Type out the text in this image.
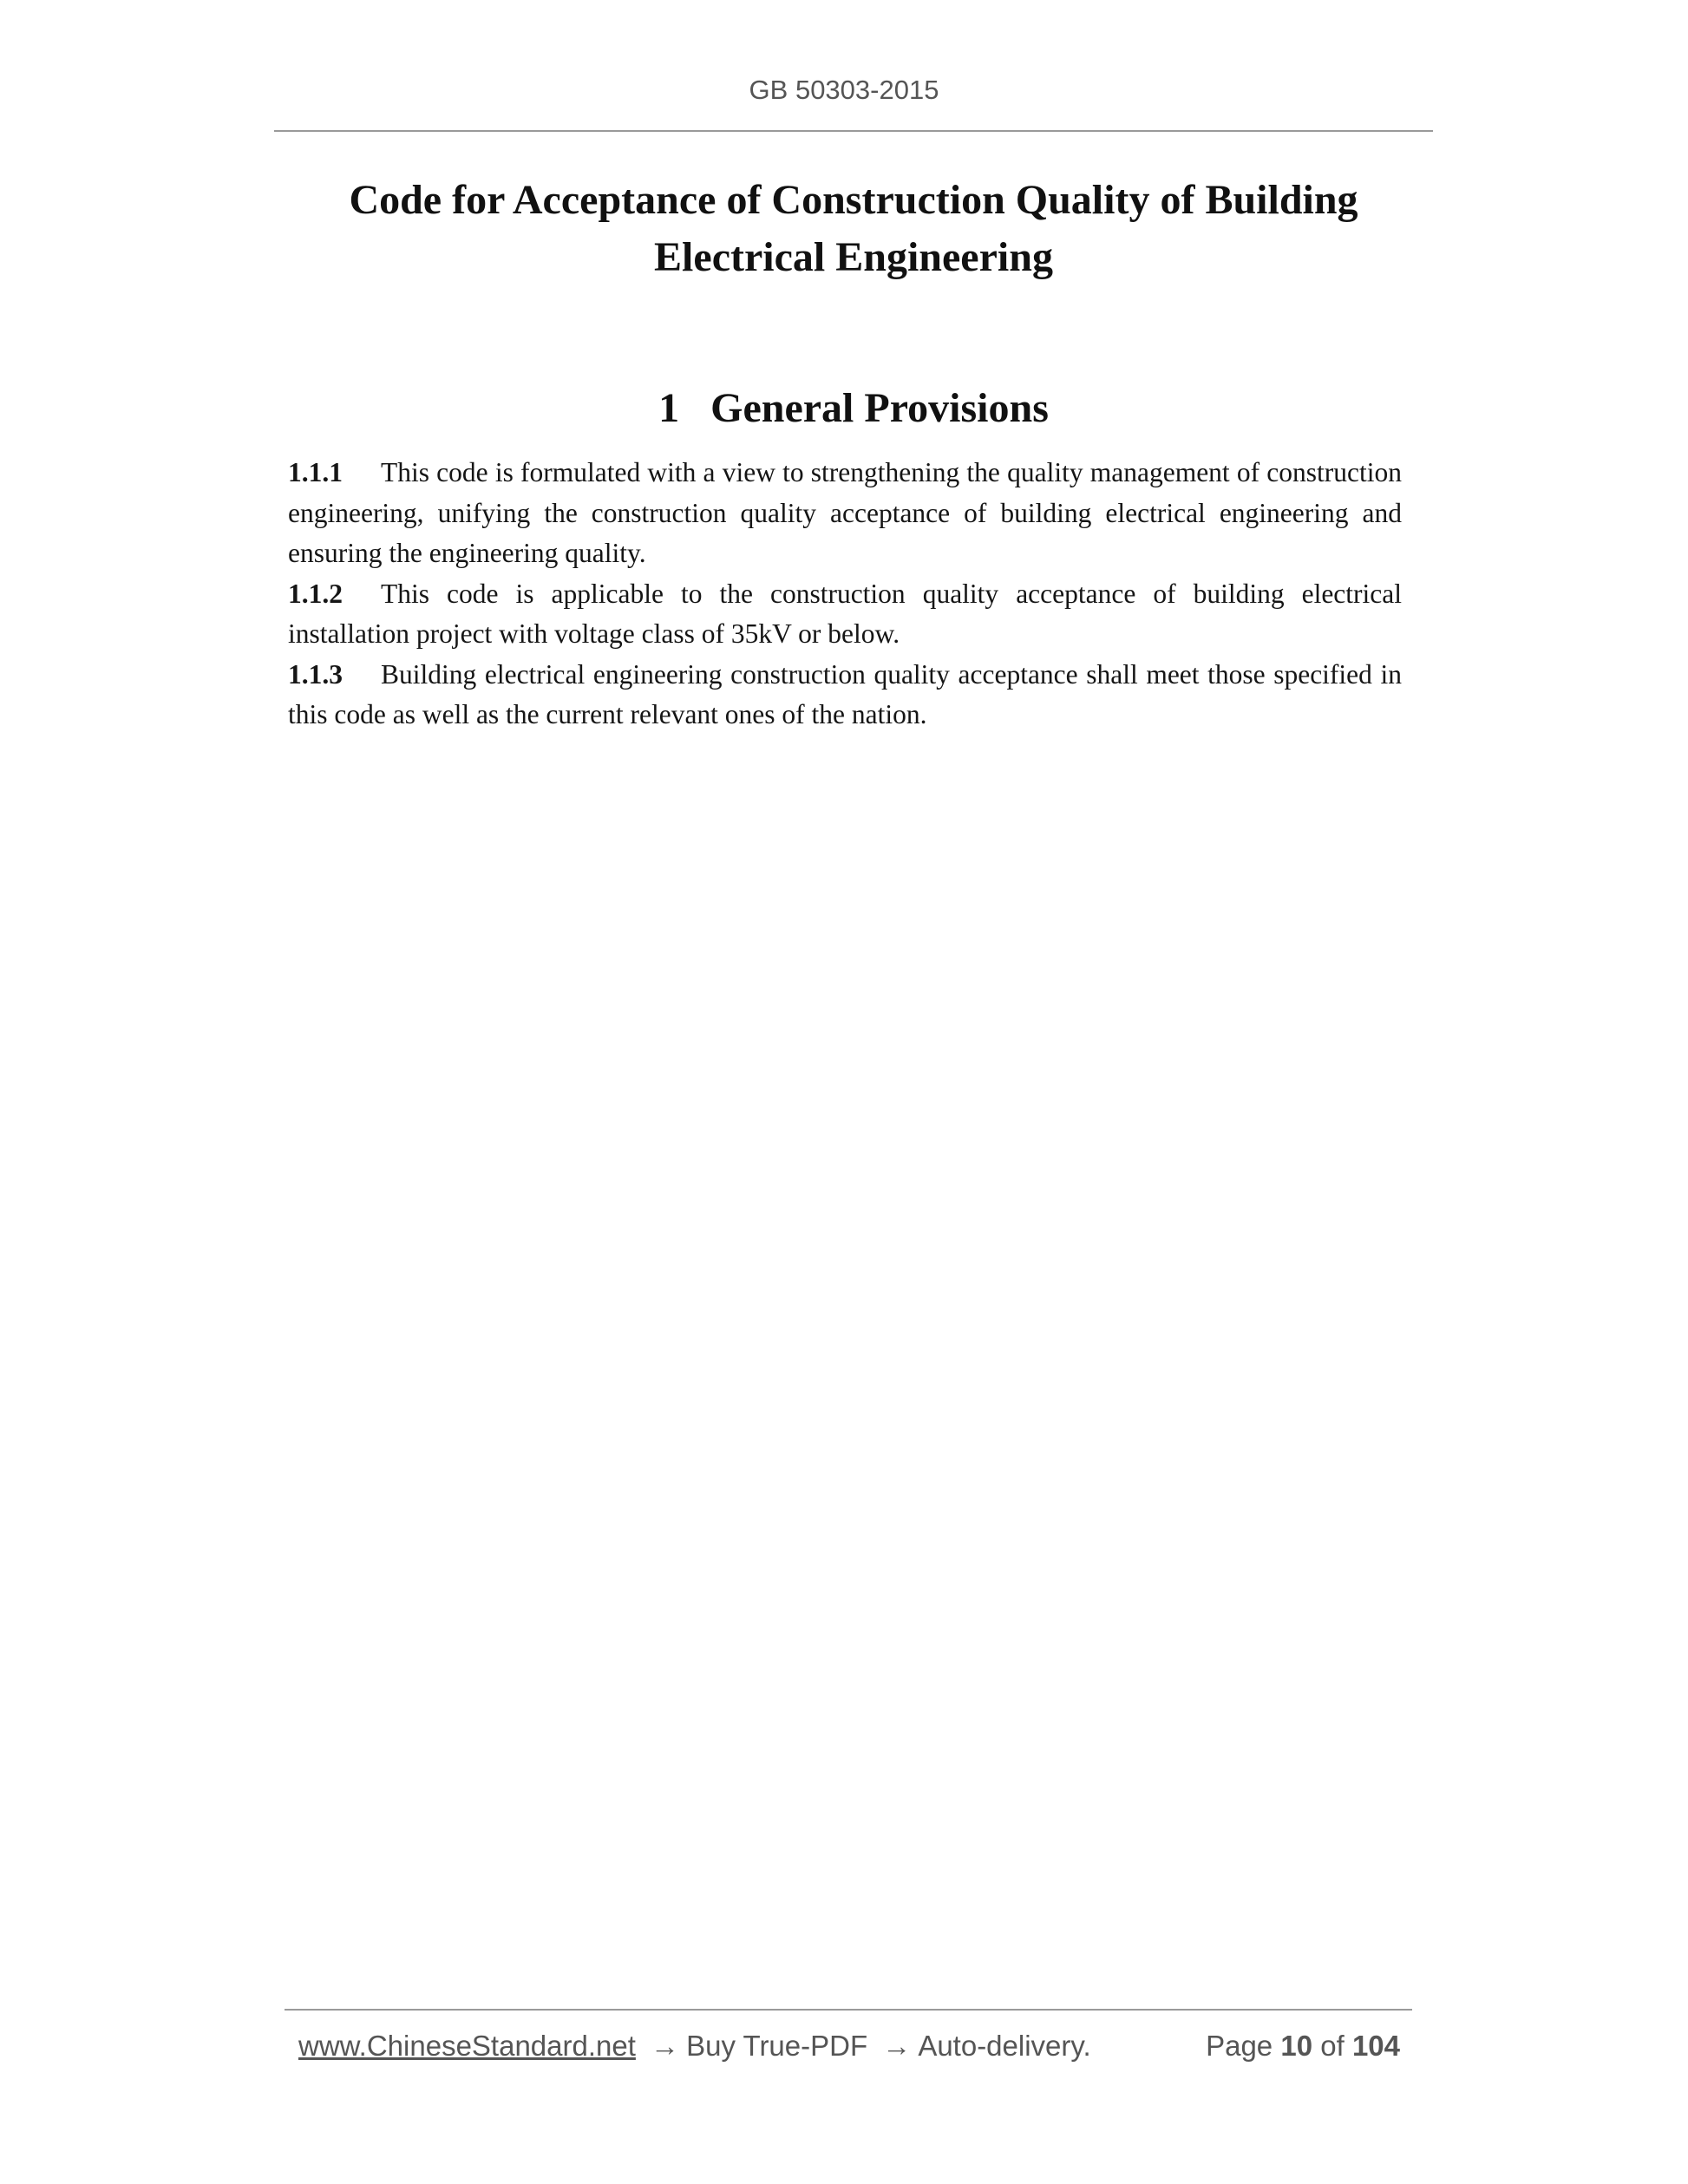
GB 50303-2015
Code for Acceptance of Construction Quality of Building
Electrical Engineering
1 General Provisions

1.1.1 This code is formulated with a view to strengthening the quality management of construction engineering, unifying the construction quality acceptance of building electrical engineering and ensuring the engineering quality.

1.1.2 This code is applicable to the construction quality acceptance of building electrical installation project with voltage class of 35kV or below.

1.1.3 Building electrical engineering construction quality acceptance shall meet those specified in this code as well as the current relevant ones of the nation.

www.ChineseStandard.net → Buy True-PDF → Auto-delivery.	Page 10 of 104
